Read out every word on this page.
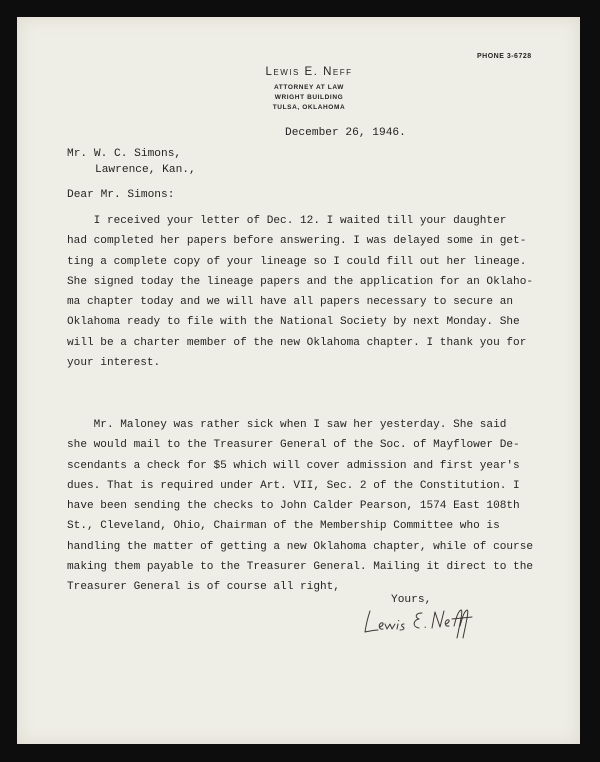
PHONE 3-6728
Lewis E. Neff
ATTORNEY AT LAW
WRIGHT BUILDING
TULSA, OKLAHOMA
December 26, 1946.
Mr. W. C. Simons,
Lawrence, Kan.,
Dear Mr. Simons:
I received your letter of Dec. 12. I waited till your daughter
had completed her papers before answering. I was delayed some in get-
ting a complete copy of your lineage so I could fill out her lineage.
She signed today the lineage papers and the application for an Oklaho-
ma chapter today and we will have all papers necessary to secure an
Oklahoma ready to file with the National Society by next Monday. She
will be a charter member of the new Oklahoma chapter. I thank you for
your interest.
Mr. Maloney was rather sick when I saw her yesterday. She said
she would mail to the Treasurer General of the Soc. of Mayflower De-
scendants a check for $5 which will cover admission and first year's
dues. That is required under Art. VII, Sec. 2 of the Constitution. I
have been sending the checks to John Calder Pearson, 1574 East 108th
St., Cleveland, Ohio, Chairman of the Membership Committee who is
handling the matter of getting a new Oklahoma chapter, while of course
making them payable to the Treasurer General. Mailing it direct to the
Treasurer General is of course all right,
Yours,
